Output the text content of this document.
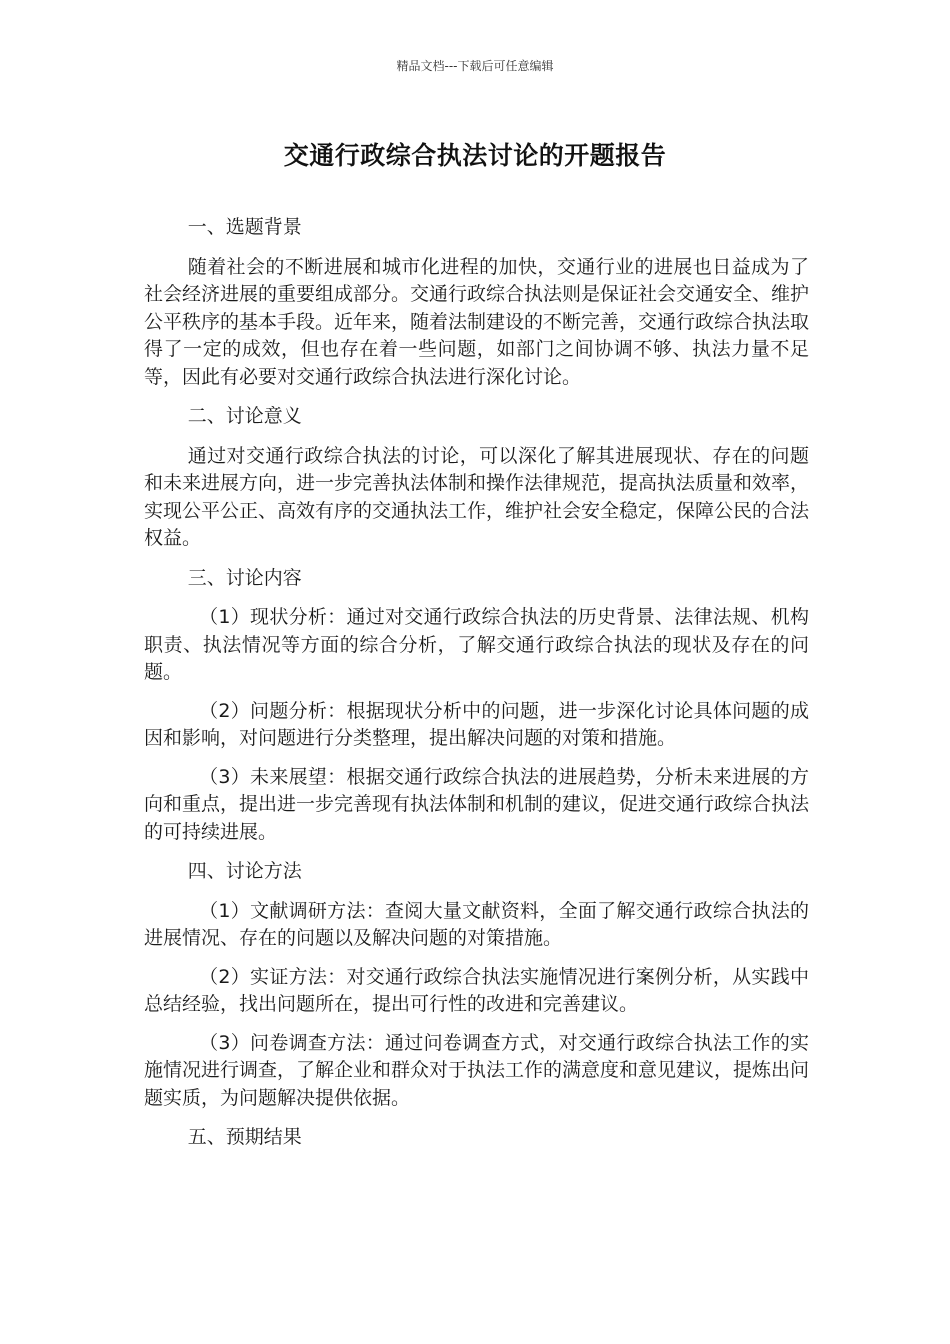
精品文档---下载后可任意编辑
交通行政综合执法讨论的开题报告

一、选题背景

随着社会的不断进展和城市化进程的加快，交通行业的进展也日益成为了社会经济进展的重要组成部分。交通行政综合执法则是保证社会交通安全、维护公平秩序的基本手段。近年来，随着法制建设的不断完善，交通行政综合执法取得了一定的成效，但也存在着一些问题，如部门之间协调不够、执法力量不足等，因此有必要对交通行政综合执法进行深化讨论。

二、讨论意义

通过对交通行政综合执法的讨论，可以深化了解其进展现状、存在的问题和未来进展方向，进一步完善执法体制和操作法律规范，提高执法质量和效率，实现公平公正、高效有序的交通执法工作，维护社会安全稳定，保障公民的合法权益。

三、讨论内容

（1）现状分析：通过对交通行政综合执法的历史背景、法律法规、机构职责、执法情况等方面的综合分析，了解交通行政综合执法的现状及存在的问题。

（2）问题分析：根据现状分析中的问题，进一步深化讨论具体问题的成因和影响，对问题进行分类整理，提出解决问题的对策和措施。

（3）未来展望：根据交通行政综合执法的进展趋势，分析未来进展的方向和重点，提出进一步完善现有执法体制和机制的建议，促进交通行政综合执法的可持续进展。

四、讨论方法

（1）文献调研方法：查阅大量文献资料，全面了解交通行政综合执法的进展情况、存在的问题以及解决问题的对策措施。

（2）实证方法：对交通行政综合执法实施情况进行案例分析，从实践中总结经验，找出问题所在，提出可行性的改进和完善建议。

（3）问卷调查方法：通过问卷调查方式，对交通行政综合执法工作的实施情况进行调查，了解企业和群众对于执法工作的满意度和意见建议，提炼出问题实质，为问题解决提供依据。

五、预期结果
